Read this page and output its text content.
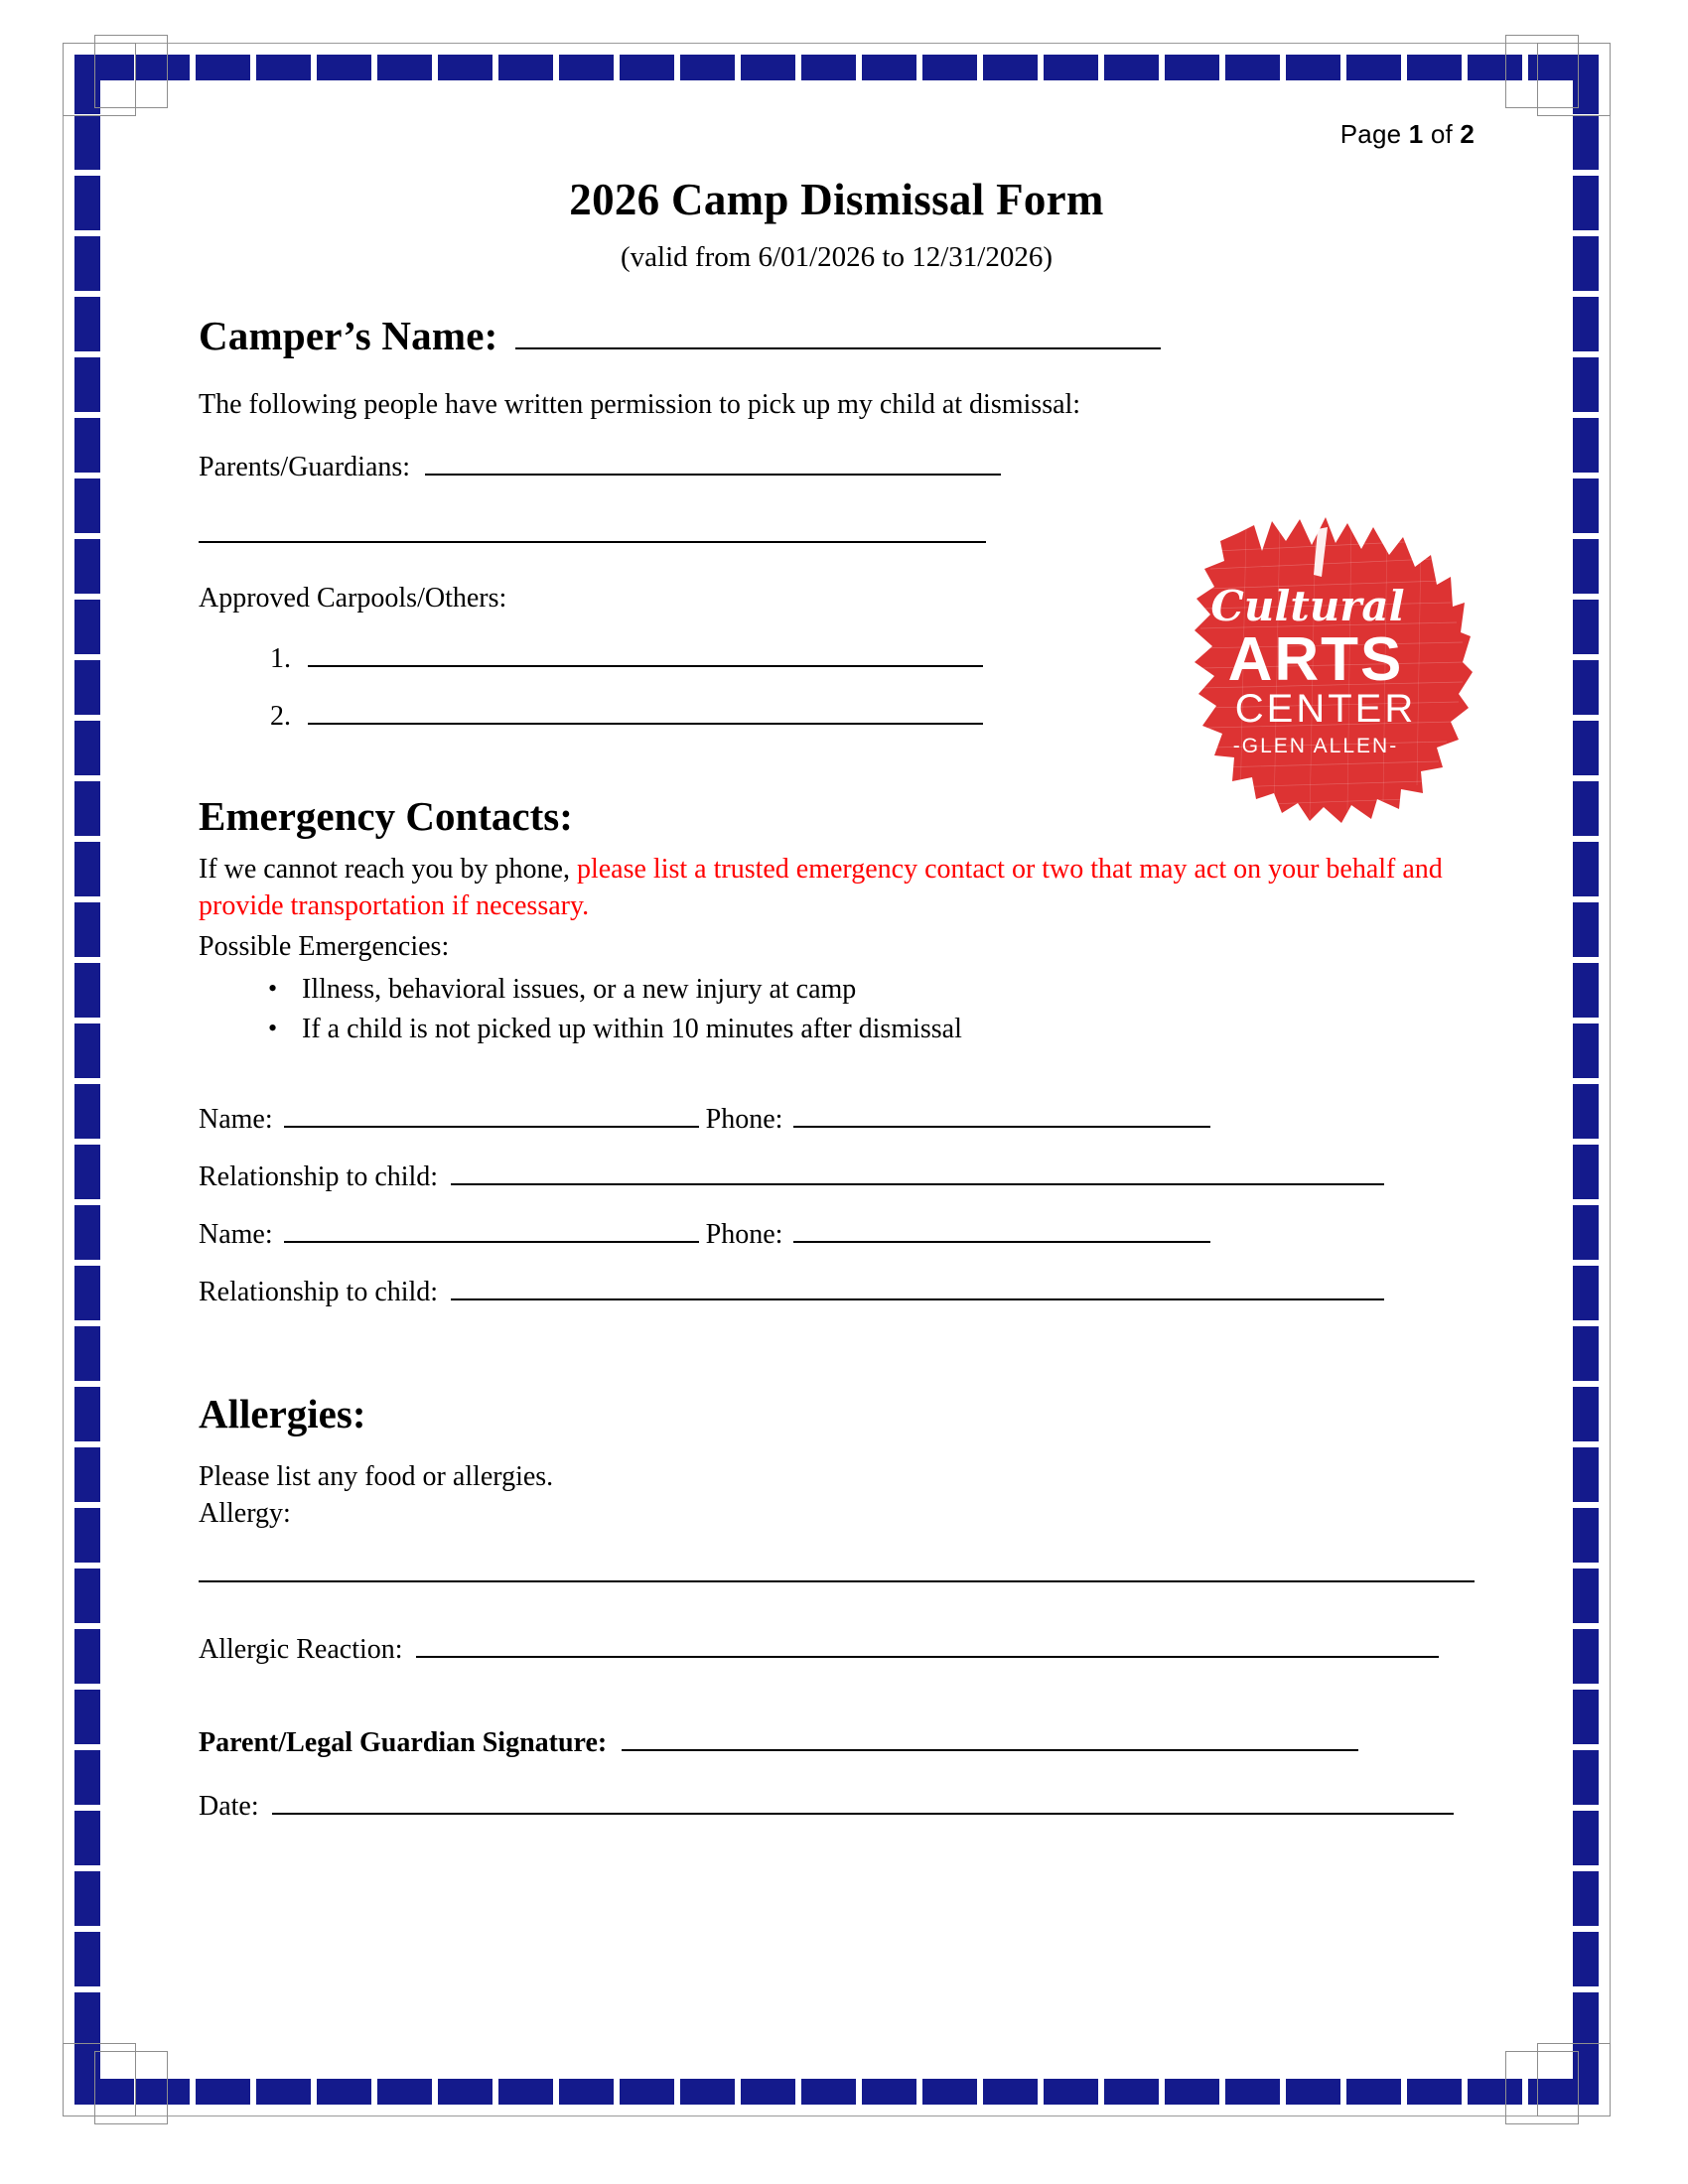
Cultural
ARTS
CENTER
-GLEN ALLEN-
Page 1 of 2
2026 Camp Dismissal Form
(valid from 6/01/2026 to 12/31/2026)
Camper’s Name:

The following people have written permission to pick up my child at dismissal:

Parents/Guardians:

Approved Carpools/Others:

Emergency Contacts:

If we cannot reach you by phone, please list a trusted emergency contact or two that may act on your behalf and provide transportation if necessary.

Possible Emergencies:

• Illness, behavioral issues, or a new injury at camp
• If a child is not picked up within 10 minutes after dismissal
Name:	Phone:
Relationship to child:
Name:	Phone:
Relationship to child:
Allergies:

Please list any food or allergies.

Allergy:

Allergic Reaction:
Parent/Legal Guardian Signature:
Date:
